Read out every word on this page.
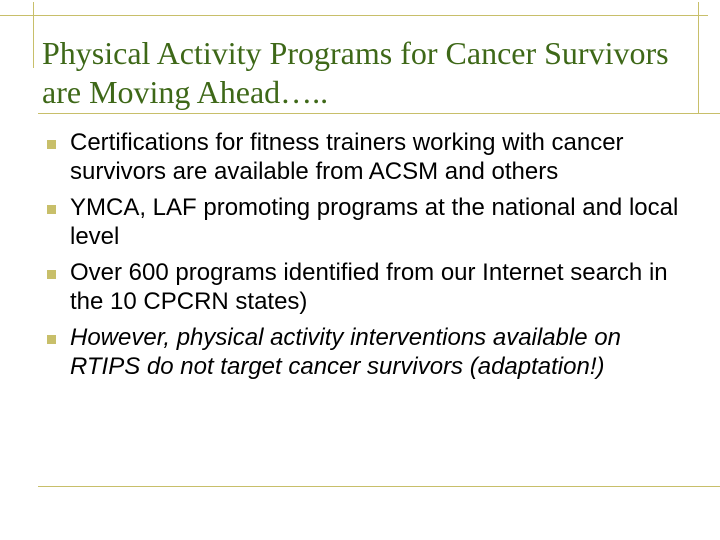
Physical Activity Programs for Cancer Survivors are Moving Ahead…..
Certifications for fitness trainers working with cancer survivors are available from ACSM and others
YMCA, LAF promoting programs at the national and local level
Over 600 programs identified from our Internet search in the 10 CPCRN states)
However, physical activity interventions available on RTIPS do not target cancer survivors (adaptation!)
